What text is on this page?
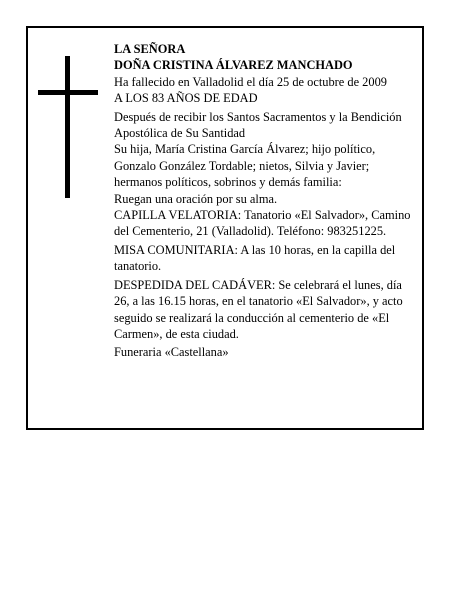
LA SEÑORA

DOÑA CRISTINA ÁLVAREZ MANCHADO

Ha fallecido en Valladolid el día 25 de octubre de 2009

A LOS 83 AÑOS DE EDAD

Después de recibir los Santos Sacramentos y la Bendición Apostólica de Su Santidad

Su hija, María Cristina García Álvarez; hijo político, Gonzalo González Tordable; nietos, Silvia y Javier; hermanos políticos, sobrinos y demás familia:

Ruegan una oración por su alma.

CAPILLA VELATORIA: Tanatorio «El Salvador», Camino del Cementerio, 21 (Valladolid). Teléfono: 983251225.

MISA COMUNITARIA: A las 10 horas, en la capilla del tanatorio.

DESPEDIDA DEL CADÁVER: Se celebrará el lunes, día 26, a las 16.15 horas, en el tanatorio «El Salvador», y acto seguido se realizará la conducción al cementerio de «El Carmen», de esta ciudad.

Funeraria «Castellana»
